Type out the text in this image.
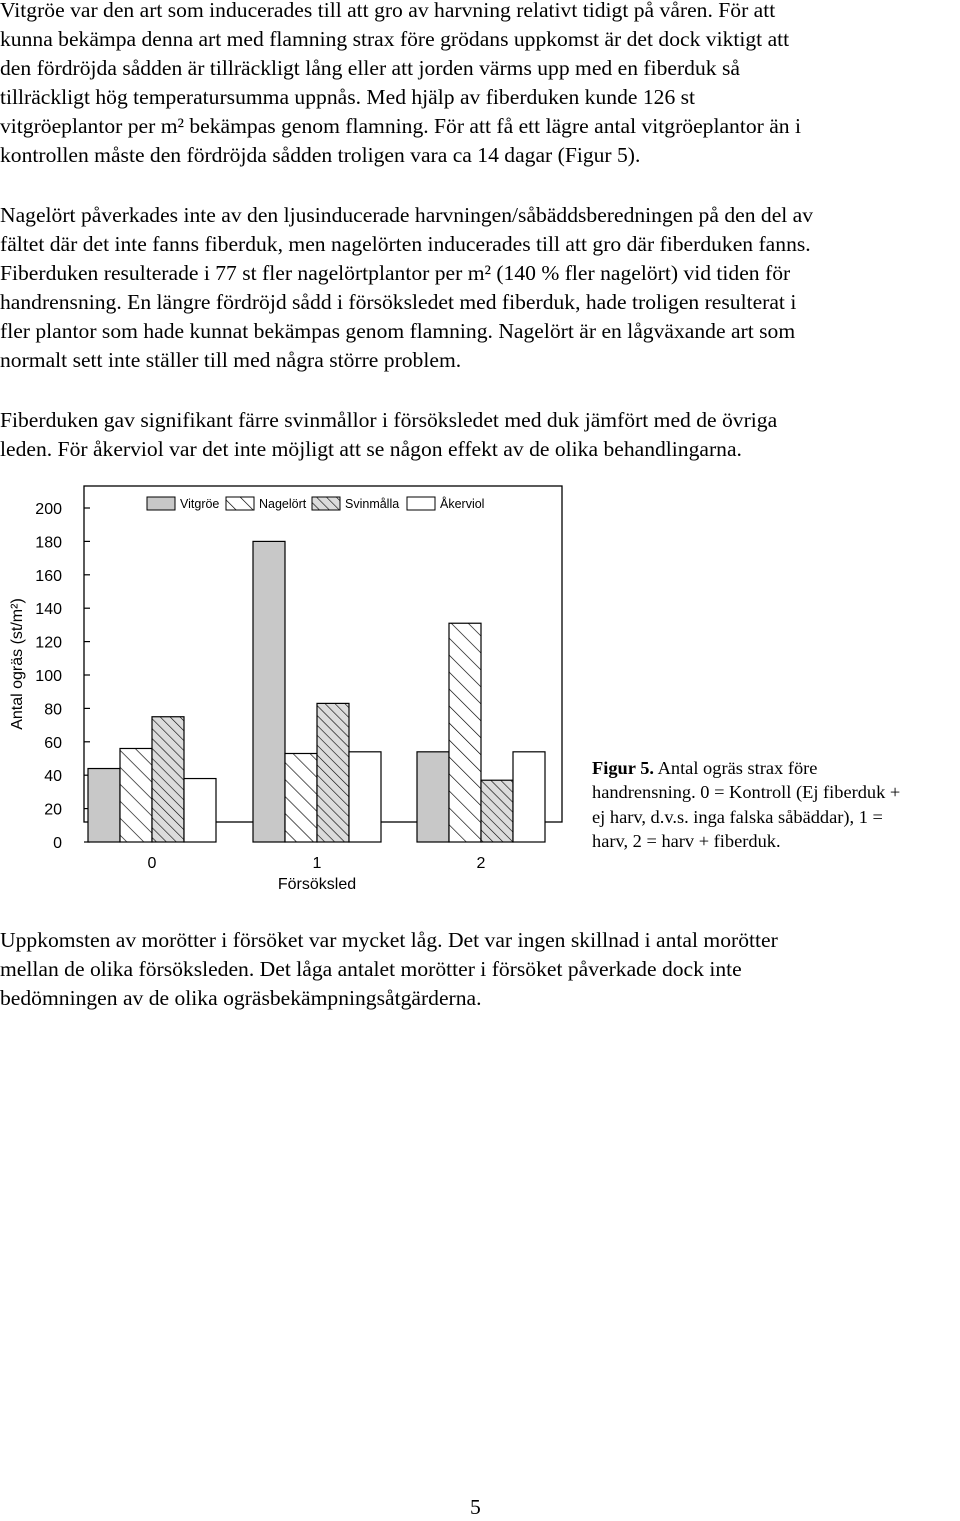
Vitgröe var den art som inducerades till att gro av harvning relativt tidigt på våren. För att
kunna bekämpa denna art med flamning strax före grödans uppkomst är det dock viktigt att
den fördröjda sådden är tillräckligt lång eller att jorden värms upp med en fiberduk så
tillräckligt hög temperatursumma uppnås. Med hjälp av fiberduken kunde 126 st
vitgröeplantor per m² bekämpas genom flamning. För att få ett lägre antal vitgröeplantor än i
kontrollen måste den fördröjda sådden troligen vara ca 14 dagar (Figur 5).
Nagelört påverkades inte av den ljusinducerade harvningen/såbäddsberedningen på den del av
fältet där det inte fanns fiberduk, men nagelörten inducerades till att gro där fiberduken fanns.
Fiberduken resulterade i 77 st fler nagelörtplantor per m² (140 % fler nagelört) vid tiden för
handrensning. En längre fördröjd sådd i försöksledet med fiberduk, hade troligen resulterat i
fler plantor som hade kunnat bekämpas genom flamning. Nagelört är en lågväxande art som
normalt sett inte ställer till med några större problem.
Fiberduken gav signifikant färre svinmållor i försöksledet med duk jämfört med de övriga
leden. För åkerviol var det inte möjligt att se någon effekt av de olika behandlingarna.
0
20
40
60
80
100
120
140
160
180
200
0	1	2
Vitgröe	Nagelört	Svinmålla	Åkerviol
Antal ogräs (st/m²)
Försöksled
Figur 5. Antal ogräs strax före
handrensning. 0 = Kontroll (Ej fiberduk +
ej harv, d.v.s. inga falska såbäddar), 1 =
harv, 2 = harv + fiberduk.
Uppkomsten av morötter i försöket var mycket låg. Det var ingen skillnad i antal morötter
mellan de olika försöksleden. Det låga antalet morötter i försöket påverkade dock inte
bedömningen av de olika ogräsbekämpningsåtgärderna.
5
